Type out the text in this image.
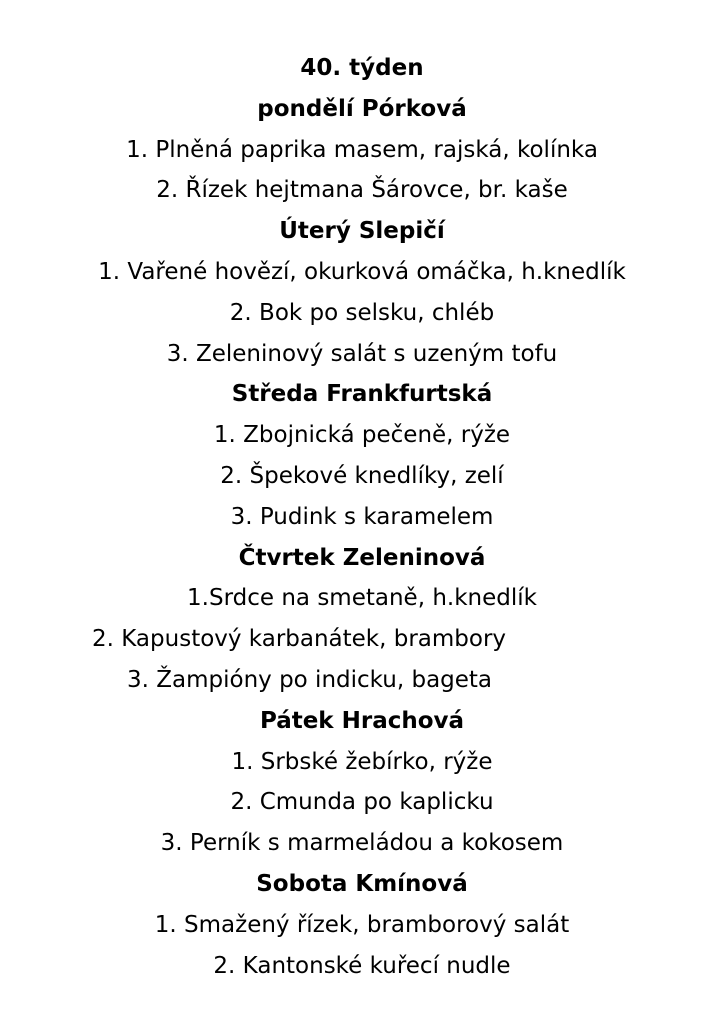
40. týden
pondělí Pórková
1. Plněná paprika masem, rajská, kolínka
2. Řízek hejtmana Šárovce, br. kaše
Úterý Slepičí
1. Vařené hovězí, okurková omáčka, h.knedlík
2. Bok po selsku, chléb
3. Zeleninový salát s uzeným tofu
Středa Frankfurtská
1. Zbojnická pečeně, rýže
2. Špekové knedlíky, zelí
3. Pudink s karamelem
Čtvrtek Zeleninová
1.Srdce na smetaně, h.knedlík
2. Kapustový karbanátek, brambory
3. Žampióny po indicku, bageta
Pátek Hrachová
1. Srbské žebírko, rýže
2. Cmunda po kaplicku
3. Perník s marmeládou a kokosem
Sobota Kmínová
1. Smažený řízek, bramborový salát
2. Kantonské kuřecí nudle
